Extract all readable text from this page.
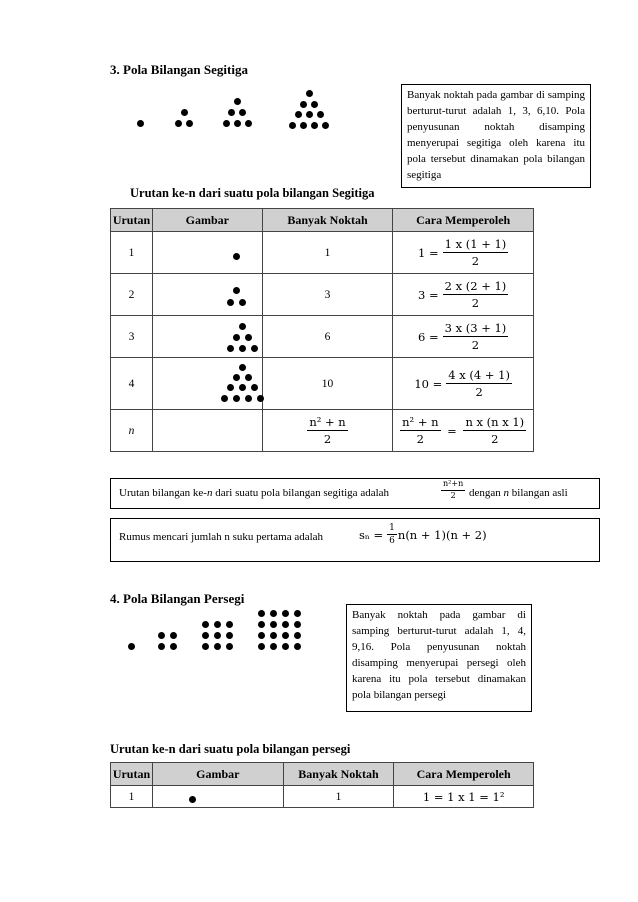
3. Pola Bilangan Segitiga
Banyak noktah pada gambar di samping berturut-turut adalah 1, 3, 6,10. Pola penyusunan noktah disamping menyerupai segitiga oleh karena itu pola tersebut dinamakan pola bilangan segitiga
Urutan ke-n dari suatu pola bilangan Segitiga
Urutan	Gambar	Banyak Noktah	Cara Memperoleh
1		1	$1 = \frac{1 x (1 + 1)}{2}$

2		3	$3 = \frac{2 x (2 + 1)}{2}$

3		6	$6 = \frac{3 x (3 + 1)}{2}$

4		10	$10 = \frac{4 x (4 + 1)}{2}$

n		$\frac{\text{n² + n}}{2}$	$\frac{\text{n² + n}}{2} = \frac{\text{n x (n x 1)}}{2}$
Urutan bilangan ke-n dari suatu pola bilangan segitiga adalah	$\frac{\text{n²+n}}{2}$ dengan n bilangan asli
Rumus mencari jumlah n suku pertama adalah	$s_n = \frac{1}{6} n(n + 1)(n + 2)$
4. Pola Bilangan Persegi
Banyak noktah pada gambar di samping berturut-turut adalah 1, 4, 9,16. Pola penyusunan noktah disamping menyerupai persegi oleh karena itu pola tersebut dinamakan pola bilangan persegi
Urutan ke-n dari suatu pola bilangan persegi
Urutan	Gambar	Banyak Noktah	Cara Memperoleh
1		1	1 = 1 x 1 = 1²
